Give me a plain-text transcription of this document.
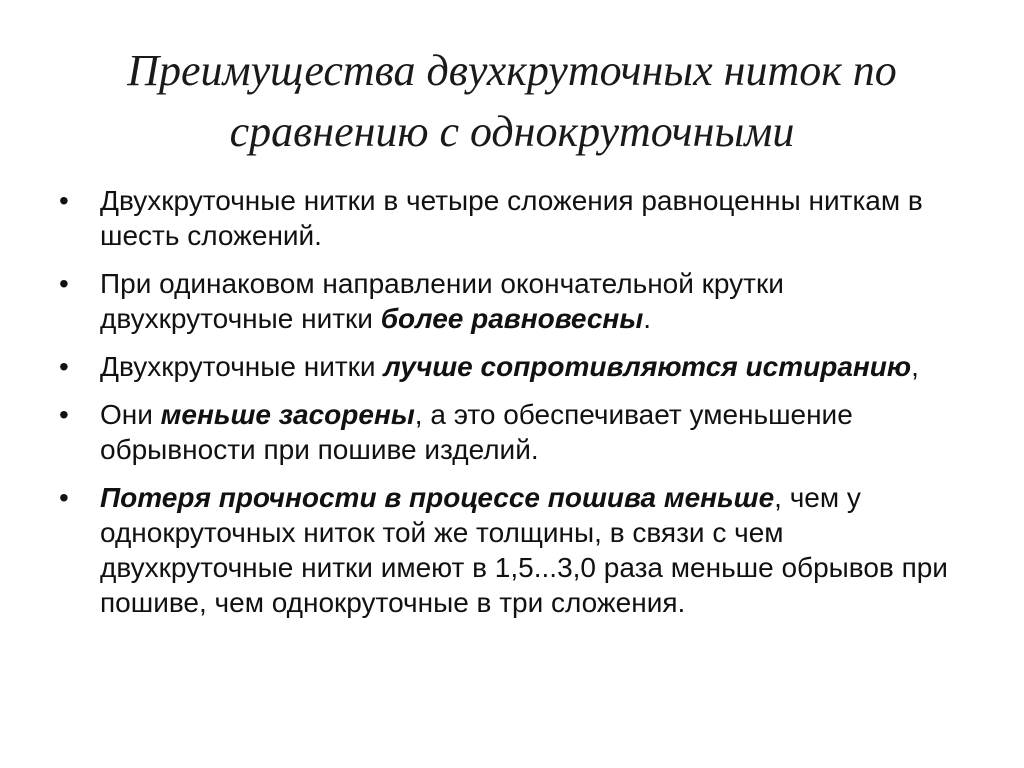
Преимущества двухкруточных ниток по сравнению с однокруточными
•	Двухкруточные нитки в четыре сложения равноценны ниткам в шесть сложений.
•	При одинаковом направлении окончательной крутки двухкруточные нитки более равновесны.
•	Двухкруточные нитки лучше сопротивляются истиранию,
•	Они меньше засорены, а это обеспечивает уменьшение обрывности при пошиве изделий.
•	Потеря прочности в процессе пошива меньше, чем у однокруточных ниток той же толщины, в связи с чем двухкруточные нитки имеют в 1,5...3,0 раза меньше обрывов при пошиве, чем однокруточные в три сложения.
